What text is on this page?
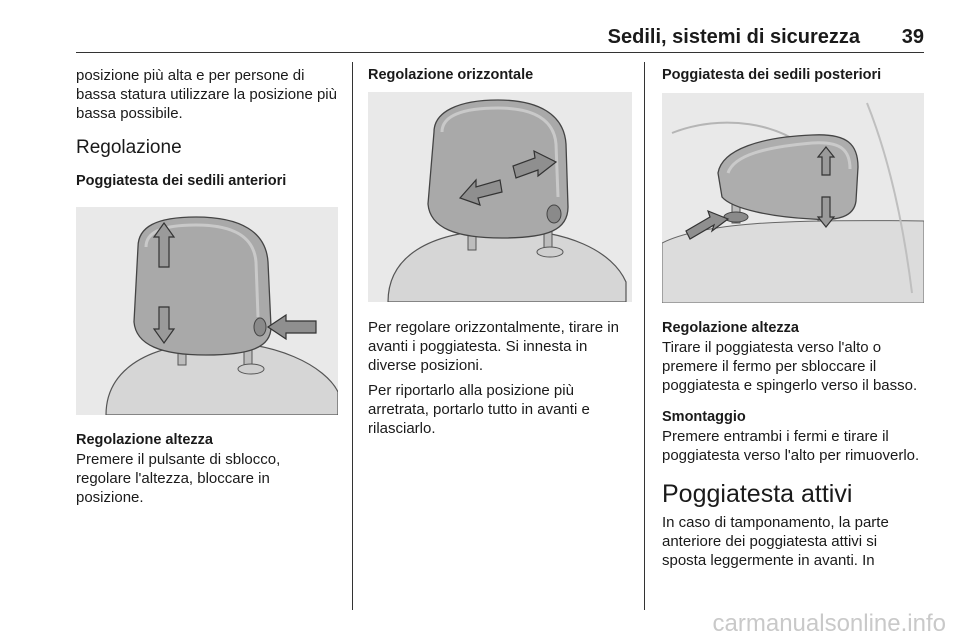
Sedili, sistemi di sicurezza 39

posizione più alta e per persone di bassa statura utilizzare la posizione più bassa possibile.

Regolazione

Poggiatesta dei sedili anteriori

Regolazione altezza

Premere il pulsante di sblocco, regolare l'altezza, bloccare in posizione.

Regolazione orizzontale

Per regolare orizzontalmente, tirare in avanti i poggiatesta. Si innesta in diverse posizioni.

Per riportarlo alla posizione più arretrata, portarlo tutto in avanti e rilasciarlo.

Poggiatesta dei sedili posteriori

Regolazione altezza

Tirare il poggiatesta verso l'alto o premere il fermo per sbloccare il poggiatesta e spingerlo verso il basso.

Smontaggio

Premere entrambi i fermi e tirare il poggiatesta verso l'alto per rimuoverlo.

Poggiatesta attivi

In caso di tamponamento, la parte anteriore dei poggiatesta attivi si sposta leggermente in avanti. In

carmanualsonline.info
